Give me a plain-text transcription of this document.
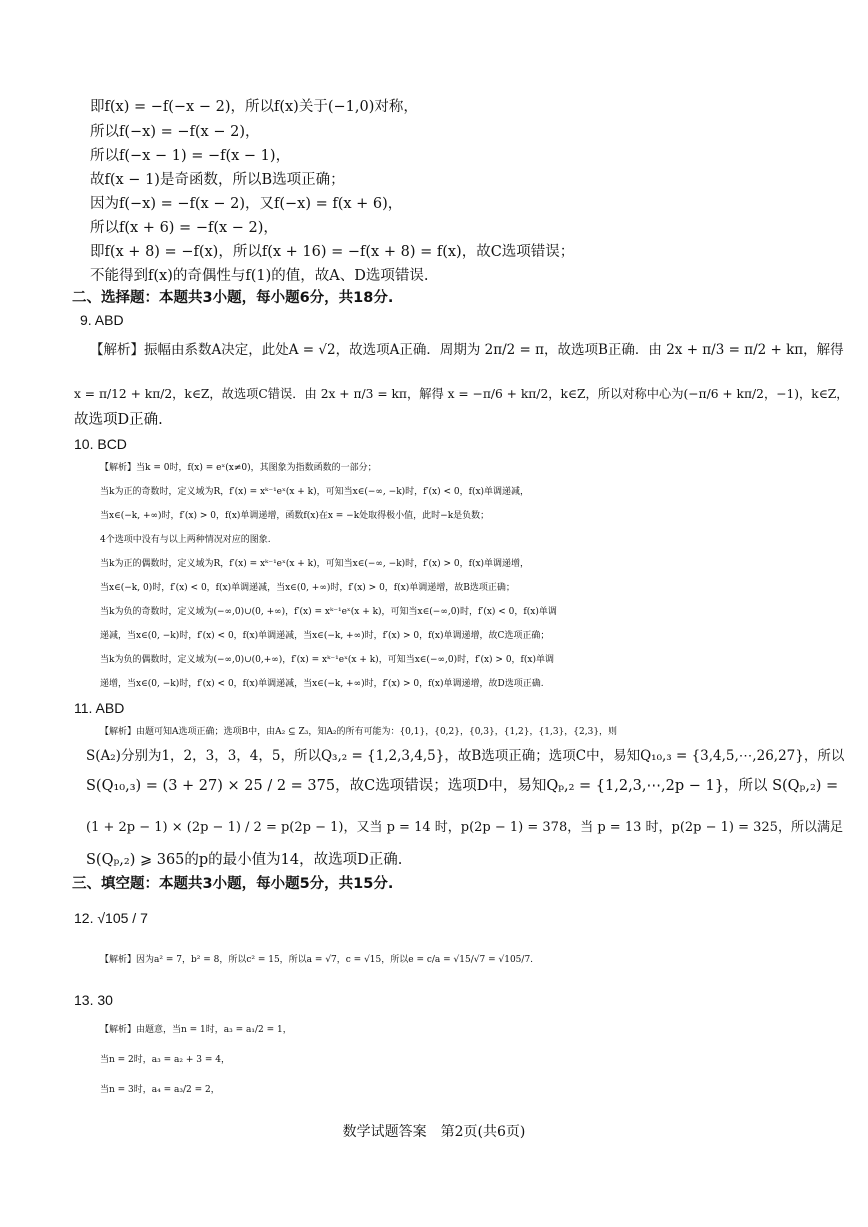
即f(x) = −f(−x − 2)，所以f(x)关于(−1,0)对称，
所以f(−x) = −f(x − 2)，
所以f(−x − 1) = −f(x − 1)，
故f(x − 1)是奇函数，所以B选项正确；
因为f(−x) = −f(x − 2)，又f(−x) = f(x + 6)，
所以f(x + 6) = −f(x − 2)，
即f(x + 8) = −f(x)，所以f(x + 16) = −f(x + 8) = f(x)，故C选项错误；
不能得到f(x)的奇偶性与f(1)的值，故A、D选项错误.
二、选择题：本题共3小题，每小题6分，共18分.
9. ABD
【解析】振幅由系数A决定，此处A = √2，故选项A正确．周期为 2π/2 = π，故选项B正确．由 2x + π/3 = π/2 + kπ，解得
x = π/12 + kπ/2，k∈Z，故选项C错误．由 2x + π/3 = kπ，解得 x = −π/6 + kπ/2，k∈Z，所以对称中心为(−π/6 + kπ/2，−1)，k∈Z，
故选项D正确.
10. BCD
【解析】当k = 0时，f(x) = eˣ(x≠0)，其图象为指数函数的一部分；
当k为正的奇数时，定义域为R，f′(x) = xᵏ⁻¹eˣ(x + k)，可知当x∈(−∞, −k)时，f′(x) < 0，f(x)单调递减，
当x∈(−k, +∞)时，f′(x) > 0，f(x)单调递增，函数f(x)在x = −k处取得极小值，此时−k是负数；
4个选项中没有与以上两种情况对应的图象.
当k为正的偶数时，定义域为R，f′(x) = xᵏ⁻¹eˣ(x + k)，可知当x∈(−∞, −k)时，f′(x) > 0，f(x)单调递增，
当x∈(−k, 0)时，f′(x) < 0，f(x)单调递减，当x∈(0, +∞)时，f′(x) > 0，f(x)单调递增，故B选项正确；
当k为负的奇数时，定义域为(−∞,0)∪(0, +∞)，f′(x) = xᵏ⁻¹eˣ(x + k)，可知当x∈(−∞,0)时，f′(x) < 0，f(x)单调
递减，当x∈(0, −k)时，f′(x) < 0，f(x)单调递减，当x∈(−k, +∞)时，f′(x) > 0，f(x)单调递增，故C选项正确；
当k为负的偶数时，定义域为(−∞,0)∪(0,+∞)，f′(x) = xᵏ⁻¹eˣ(x + k)，可知当x∈(−∞,0)时，f′(x) > 0，f(x)单调
递增，当x∈(0, −k)时，f′(x) < 0，f(x)单调递减，当x∈(−k, +∞)时，f′(x) > 0，f(x)单调递增，故D选项正确.
11. ABD
【解析】由题可知A选项正确；选项B中，由A₂ ⊆ Z₃，知A₂的所有可能为：{0,1}，{0,2}，{0,3}，{1,2}，{1,3}，{2,3}，则
S(A₂)分别为1，2，3，3，4，5，所以Q₃,₂ = {1,2,3,4,5}，故B选项正确；选项C中，易知Q₁₀,₃ = {3,4,5,⋯,26,27}，所以
S(Q₁₀,₃) = (3 + 27) × 25 / 2 = 375，故C选项错误；选项D中，易知Qₚ,₂ = {1,2,3,⋯,2p − 1}，所以 S(Qₚ,₂) =
(1 + 2p − 1) × (2p − 1) / 2 = p(2p − 1)，又当 p = 14 时，p(2p − 1) = 378，当 p = 13 时，p(2p − 1) = 325，所以满足
S(Qₚ,₂) ⩾ 365的p的最小值为14，故选项D正确.
三、填空题：本题共3小题，每小题5分，共15分.
12. √105 / 7
【解析】因为a² = 7，b² = 8，所以c² = 15，所以a = √7，c = √15，所以e = c/a = √15/√7 = √105/7.
13. 30
【解析】由题意，当n = 1时，a₃ = a₁/2 = 1，
当n = 2时，a₃ = a₂ + 3 = 4，
当n = 3时，a₄ = a₃/2 = 2，
数学试题答案　第2页(共6页)
